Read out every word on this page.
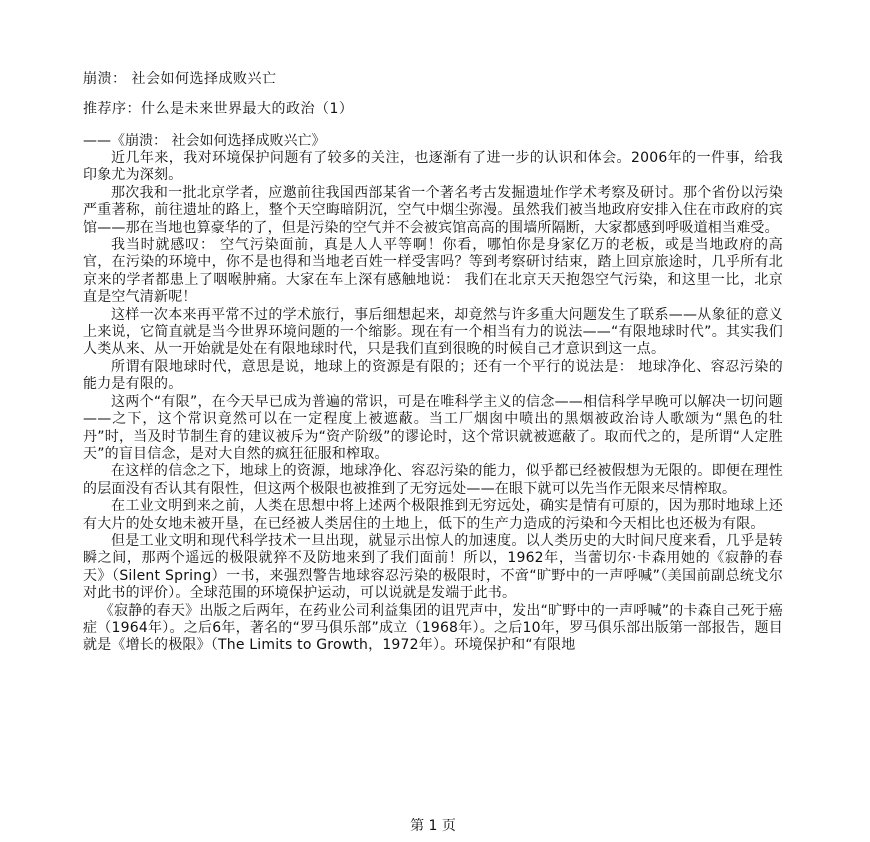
崩溃： 社会如何选择成败兴亡
推荐序：什么是未来世界最大的政治（1）
——《崩溃： 社会如何选择成败兴亡》

近几年来，我对环境保护问题有了较多的关注，也逐渐有了进一步的认识和体会。2006年的一件事，给我印象尤为深刻。

那次我和一批北京学者，应邀前往我国西部某省一个著名考古发掘遗址作学术考察及研讨。那个省份以污染严重著称，前往遗址的路上，整个天空晦暗阴沉，空气中烟尘弥漫。虽然我们被当地政府安排入住在市政府的宾馆——那在当地也算豪华的了，但是污染的空气并不会被宾馆高高的围墙所隔断，大家都感到呼吸道相当难受。

我当时就感叹： 空气污染面前，真是人人平等啊！你看，哪怕你是身家亿万的老板，或是当地政府的高官，在污染的环境中，你不是也得和当地老百姓一样受害吗？等到考察研讨结束，踏上回京旅途时，几乎所有北京来的学者都患上了咽喉肿痛。大家在车上深有感触地说： 我们在北京天天抱怨空气污染，和这里一比，北京直是空气清新呢！

这样一次本来再平常不过的学术旅行，事后细想起来，却竟然与许多重大问题发生了联系——从象征的意义上来说，它简直就是当今世界环境问题的一个缩影。现在有一个相当有力的说法——“有限地球时代”。其实我们人类从来、从一开始就是处在有限地球时代，只是我们直到很晚的时候自己才意识到这一点。

所谓有限地球时代，意思是说，地球上的资源是有限的；还有一个平行的说法是： 地球净化、容忍污染的能力是有限的。

这两个“有限”，在今天早已成为普遍的常识，可是在唯科学主义的信念——相信科学早晚可以解决一切问题——之下，这个常识竟然可以在一定程度上被遮蔽。当工厂烟囱中喷出的黑烟被政治诗人歌颂为“黑色的牡丹”时，当及时节制生育的建议被斥为“资产阶级”的谬论时，这个常识就被遮蔽了。取而代之的，是所谓“人定胜天”的盲目信念，是对大自然的疯狂征服和榨取。

在这样的信念之下，地球上的资源，地球净化、容忍污染的能力，似乎都已经被假想为无限的。即便在理性的层面没有否认其有限性，但这两个极限也被推到了无穷远处——在眼下就可以先当作无限来尽情榨取。

在工业文明到来之前，人类在思想中将上述两个极限推到无穷远处，确实是情有可原的，因为那时地球上还有大片的处女地未被开垦，在已经被人类居住的土地上，低下的生产力造成的污染和今天相比也还极为有限。

但是工业文明和现代科学技术一旦出现，就显示出惊人的加速度。以人类历史的大时间尺度来看，几乎是转瞬之间，那两个遥远的极限就猝不及防地来到了我们面前！所以，1962年，当蕾切尔·卡森用她的《寂静的春天》（Silent Spring）一书，来强烈警告地球容忍污染的极限时，不啻“旷野中的一声呼喊”（美国前副总统戈尔对此书的评价）。全球范围的环境保护运动，可以说就是发端于此书。

《寂静的春天》出版之后两年，在药业公司利益集团的诅咒声中，发出“旷野中的一声呼喊”的卡森自己死于癌症（1964年）。之后6年，著名的“罗马俱乐部”成立（1968年）。之后10年，罗马俱乐部出版第一部报告，题目就是《增长的极限》（The Limits to Growth，1972年）。环境保护和“有限地

第 1 页
